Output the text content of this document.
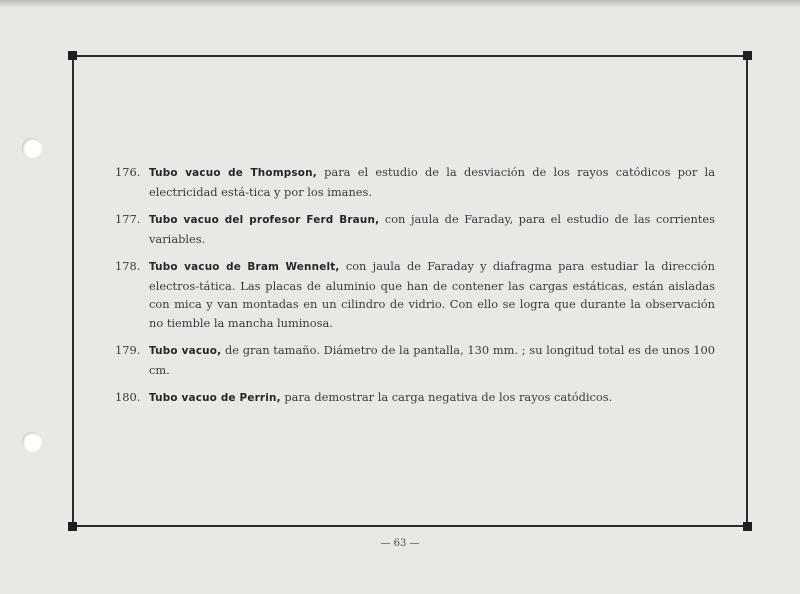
176. Tubo vacuo de Thompson, para el estudio de la desviación de los rayos catódicos por la electricidad está-tica y por los imanes.
177. Tubo vacuo del profesor Ferd Braun, con jaula de Faraday, para el estudio de las corrientes variables.
178. Tubo vacuo de Bram Wennelt, con jaula de Faraday y diafragma para estudiar la dirección electros-tática. Las placas de aluminio que han de contener las cargas estáticas, están aisladas con mica y van montadas en un cilindro de vidrio. Con ello se logra que durante la observación no tiemble la mancha luminosa.
179. Tubo vacuo, de gran tamaño. Diámetro de la pantalla, 130 mm. ; su longitud total es de unos 100 cm.
180. Tubo vacuo de Perrin, para demostrar la carga negativa de los rayos catódicos.
— 63 —
